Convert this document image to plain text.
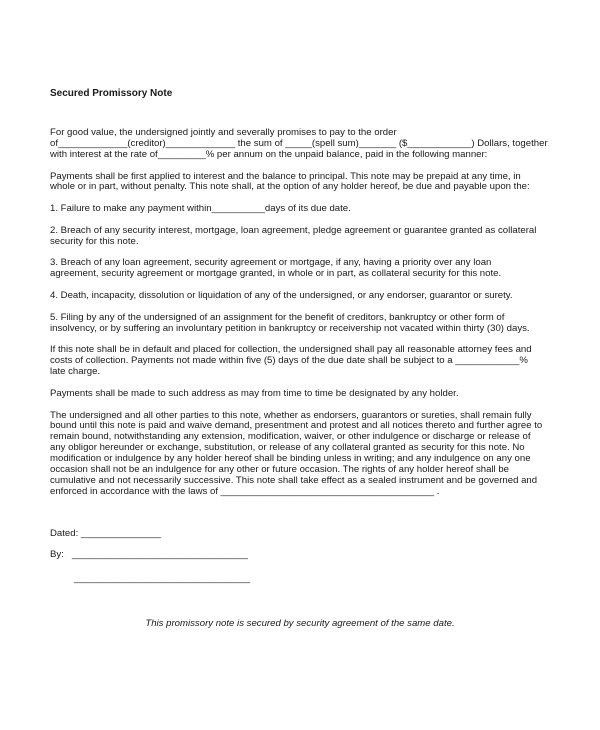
Secured Promissory Note

For good value, the undersigned jointly and severally promises to pay to the order
of_____________(creditor)_____________ the sum of _____(spell sum)_______ ($____________) Dollars, together
with interest at the rate of_________% per annum on the unpaid balance, paid in the following manner:

Payments shall be first applied to interest and the balance to principal. This note may be prepaid at any time, in
whole or in part, without penalty. This note shall, at the option of any holder hereof, be due and payable upon the:

1. Failure to make any payment within__________days of its due date.

2. Breach of any security interest, mortgage, loan agreement, pledge agreement or guarantee granted as collateral
security for this note.

3. Breach of any loan agreement, security agreement or mortgage, if any, having a priority over any loan
agreement, security agreement or mortgage granted, in whole or in part, as collateral security for this note.

4. Death, incapacity, dissolution or liquidation of any of the undersigned, or any endorser, guarantor or surety.

5. Filing by any of the undersigned of an assignment for the benefit of creditors, bankruptcy or other form of
insolvency, or by suffering an involuntary petition in bankruptcy or receivership not vacated within thirty (30) days.

If this note shall be in default and placed for collection, the undersigned shall pay all reasonable attorney fees and
costs of collection. Payments not made within five (5) days of the due date shall be subject to a ____________%
late charge.

Payments shall be made to such address as may from time to time be designated by any holder.

The undersigned and all other parties to this note, whether as endorsers, guarantors or sureties, shall remain fully
bound until this note is paid and waive demand, presentment and protest and all notices thereto and further agree to
remain bound, notwithstanding any extension, modification, waiver, or other indulgence or discharge or release of
any obligor hereunder or exchange, substitution, or release of any collateral granted as security for this note. No
modification or indulgence by any holder hereof shall be binding unless in writing; and any indulgence on any one
occasion shall not be an indulgence for any other or future occasion. The rights of any holder hereof shall be
cumulative and not necessarily successive. This note shall take effect as a sealed instrument and be governed and
enforced in accordance with the laws of ________________________________________ .

Dated: _______________
By:   _________________________________
_________________________________
This promissory note is secured by security agreement of the same date.
